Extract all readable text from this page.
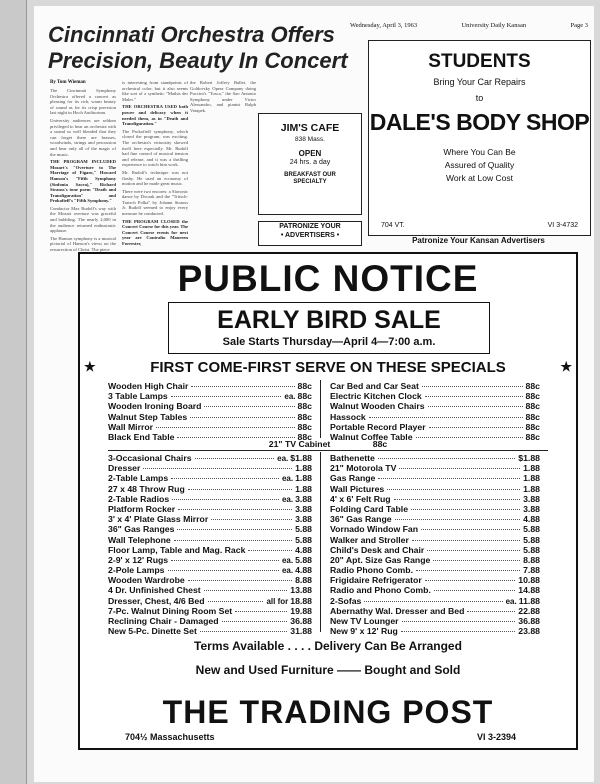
Wednesday, April 3, 1963	University Daily Kansan	Page 3
Cincinnati Orchestra Offers Precision, Beauty In Concert
By Tom Wieman

The Cincinnati Symphony Orchestra offered a concert as pleasing for its rich, warm beauty of sound as for its crisp precision last night in Hoch Auditorium.

University audiences are seldom privileged to hear an orchestra with a sound so well blended that they can forget there are brasses, woodwinds, strings and percussion and hear only all of the magic of the music.

THE PROGRAM INCLUDED Mozart's "Overture to The Marriage of Figaro," Howard Hanson's "Fifth Symphony (Sinfonia Sacra)," Richard Strauss's tone poem "Death and Transfiguration" and Prokofieff's "Fifth Symphony."

Conductor Max Rudolf's way with the Mozart overture was graceful and bubbling. The nearly 2,000 in the audience returned enthusiastic applause.

The Hanson symphony is a musical pictorial of Hanson's views on the resurrection of Christ. The piece

is interesting from standpoints of orchestral color, but it also seems like sort of a synthetic "Mathis der Maler."

THE ORCHESTRA USED both power and delicacy when it needed them, as in "Death and Transfiguration."

The Prokofieff symphony, which closed the program, was exciting. The orchestra's virtuosity showed itself here especially. Mr. Rudolf had fine control of musical tension and release, and it was a thrilling experience to watch him work.

Mr. Rudolf's technique was not flashy. He used an economy of motion and he made great music.

There were two encores: a Slavonic dance by Dvorak and the "Tritsch-Tratsch Polka" by Johann Strauss Jr. Rudolf seemed to enjoy every measure he conducted.

THE PROGRAM CLOSED the Concert Course for this year. The Concert Course events for next year are Contralto Maureen Forrester,

the Robert Joffrey Ballet, the Goldovsky Opera Company doing Puccini's "Tosca," the Sao Antonio Symphony under Victor Alessandro, and pianist Ralph Votapek.

JIM'S CAFE
838 Mass.
OPEN
24 hrs. a day
BREAKFAST OUR
SPECIALTY
PATRONIZE YOUR
• ADVERTISERS •
STUDENTS
Bring Your Car Repairs
to
DALE'S BODY SHOP
Where You Can Be
Assured of Quality
Work at Low Cost
704 VT.	VI 3-4732
Patronize Your Kansan Advertisers
PUBLIC NOTICE
EARLY BIRD SALE
Sale Starts Thursday—April 4—7:00 a.m.
★	FIRST COME-FIRST SERVE ON THESE SPECIALS	★
Wooden High Chair	88c
3 Table Lamps	ea. 88c
Wooden Ironing Board	88c
Walnut Step Tables	88c
Wall Mirror	88c
Black End Table	88c
Car Bed and Car Seat	88c
Electric Kitchen Clock	88c
Walnut Wooden Chairs	88c
Hassock	88c
Portable Record Player	88c
Walnut Coffee Table	88c
21" TV Cabinet	88c
3-Occasional Chairs	ea. $1.88
Dresser	1.88
2-Table Lamps	ea. 1.88
27 x 48 Throw Rug	1.88
2-Table Radios	ea. 3.88
Platform Rocker	3.88
3' x 4' Plate Glass Mirror	3.88
36" Gas Ranges	5.88
Wall Telephone	5.88
Floor Lamp, Table and Mag. Rack	4.88
2-9' x 12' Rugs	ea. 5.88
2-Pole Lamps	ea. 4.88
Wooden Wardrobe	8.88
4 Dr. Unfinished Chest	13.88
Dresser, Chest, 4/6 Bed	all for 18.88
7-Pc. Walnut Dining Room Set	19.88
Reclining Chair - Damaged	36.88
New 5-Pc. Dinette Set	31.88
Bathenette	$1.88
21" Motorola TV	1.88
Gas Range	1.88
Wall Pictures	1.88
4' x 6' Felt Rug	3.88
Folding Card Table	3.88
36" Gas Range	4.88
Vornado Window Fan	5.88
Walker and Stroller	5.88
Child's Desk and Chair	5.88
20" Apt. Size Gas Range	8.88
Radio Phono Comb.	7.88
Frigidaire Refrigerator	10.88
Radio and Phono Comb.	14.88
2-Sofas	ea. 11.88
Abernathy Wal. Dresser and Bed	22.88
New TV Lounger	36.88
New 9' x 12' Rug	23.88
Terms Available . . . . Delivery Can Be Arranged
New and Used Furniture —— Bought and Sold
THE TRADING POST
704½ Massachusetts	VI 3-2394
